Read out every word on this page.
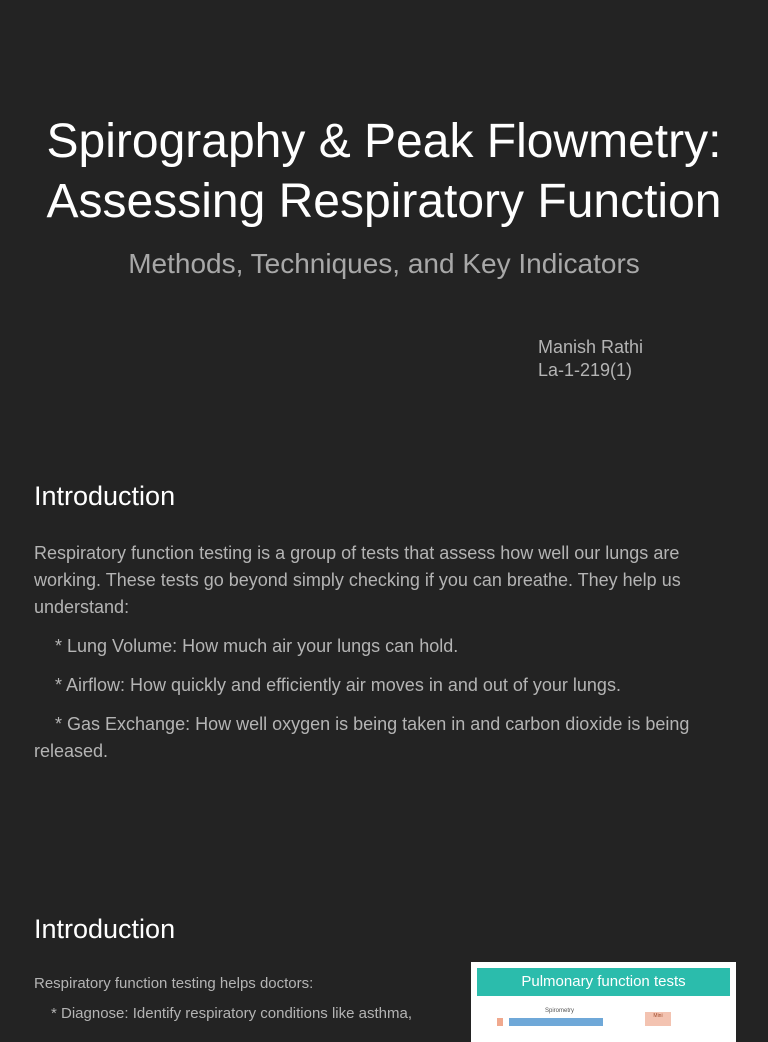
Spirography & Peak Flowmetry:
Assessing Respiratory Function

Methods, Techniques, and Key Indicators

Manish Rathi
La-1-219(1)
Introduction

Respiratory function testing is a group of tests that assess how well our lungs are working. These tests go beyond simply checking if you can breathe. They help us understand:

* Lung Volume: How much air your lungs can hold.

* Airflow: How quickly and efficiently air moves in and out of your lungs.

* Gas Exchange: How well oxygen is being taken in and carbon dioxide is being released.

Introduction

Respiratory function testing helps doctors:

* Diagnose: Identify respiratory conditions like asthma,

Pulmonary function tests
Spirometry
Mini
